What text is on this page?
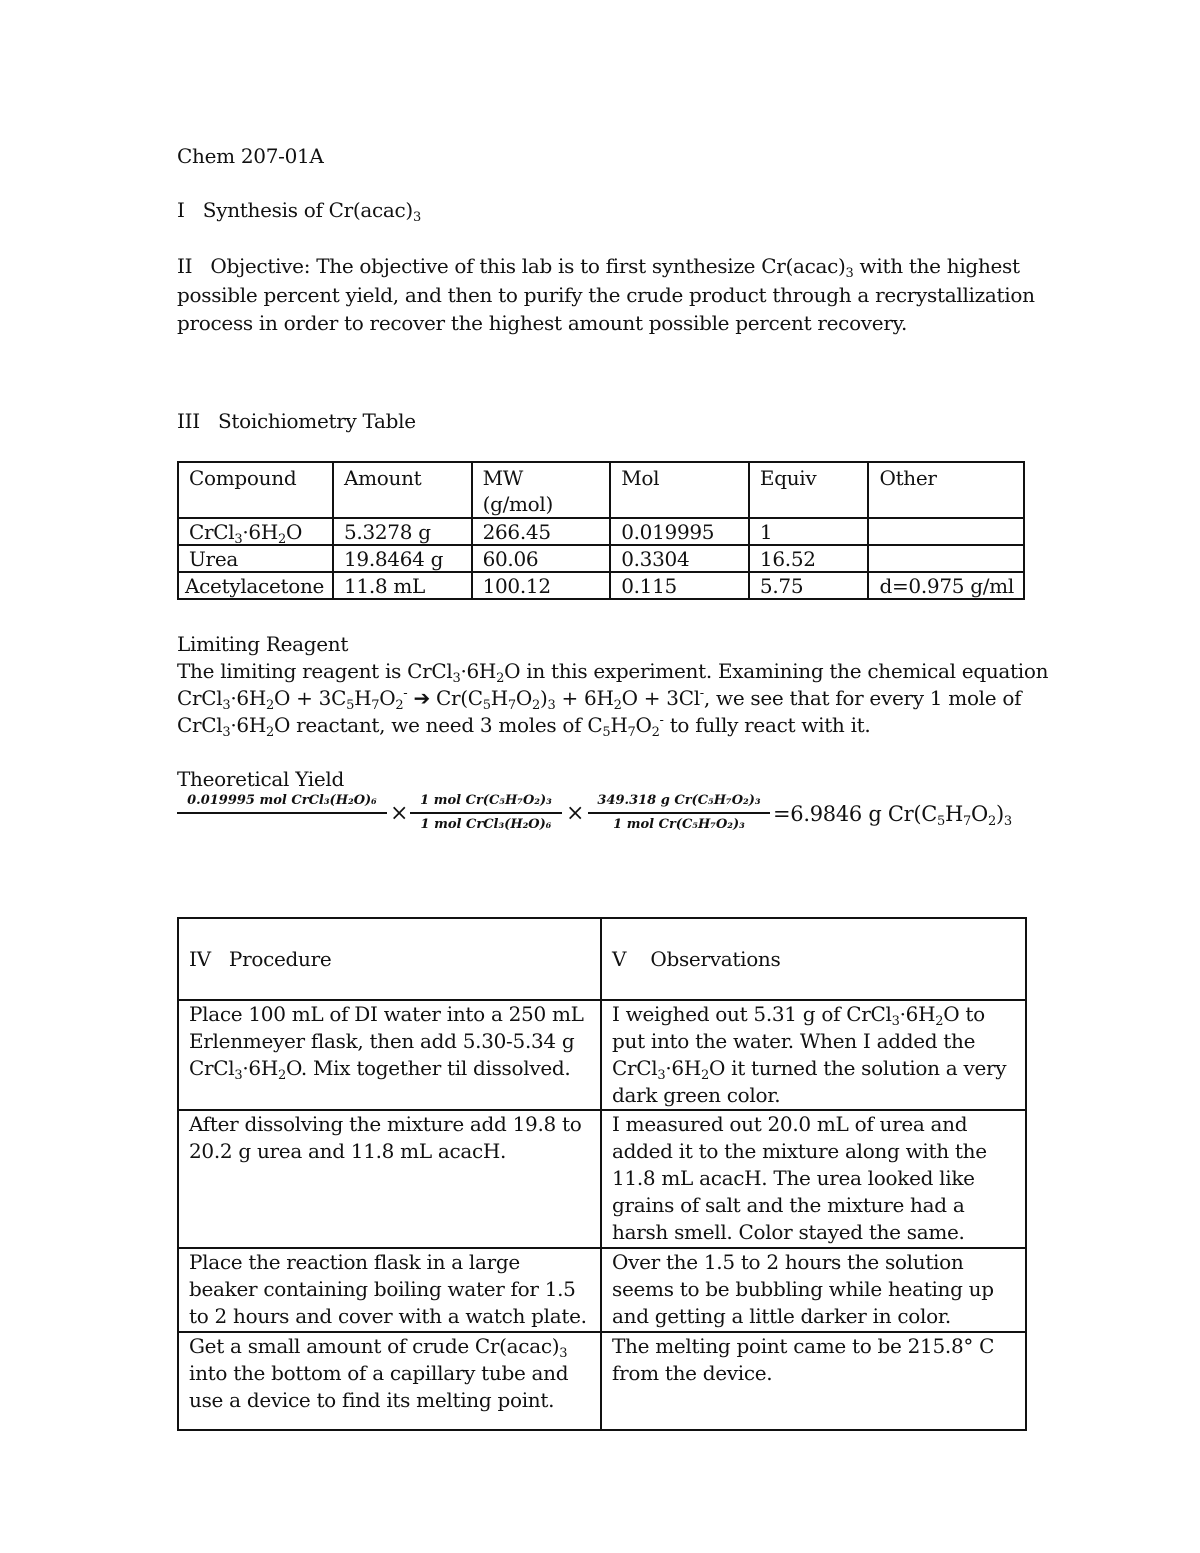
Chem 207-01A
I Synthesis of $Cr(acac)_3$
II Objective: The objective of this lab is to first synthesize $Cr(acac)_3$ with the highest
possible percent yield, and then to purify the crude product through a recrystallization
process in order to recover the highest amount possible percent recovery.
III Stoichiometry Table
Compound	Amount	MW (g/mol)	Mol	Equiv	Other
$CrCl_3\cdot 6H_2O$	5.3278 g	266.45	0.019995	1	
Urea	19.8464 g	60.06	0.3304	16.52	
Acetylacetone	11.8 mL	100.12	0.115	5.75	d=0.975 g/ml
Limiting Reagent
The limiting reagent is $CrCl_3\cdot 6H_2O$ in this experiment. Examining the chemical equation
$CrCl_3\cdot 6H_2O + 3C_5H_7O_2^-$ ➔ $Cr(C_5H_7O_2)_3 + 6H_2O + 3Cl^-$, we see that for every 1 mole of
$CrCl_3\cdot 6H_2O$ reactant, we need 3 moles of $C_5H_7O_2^-$ to fully react with it.
Theoretical Yield
0.019995 mol CrCl₃(H₂O)₆

×
1 mol Cr(C₅H₇O₂)₃
1 mol CrCl₃(H₂O)₆ ×
349.318 g Cr(C₅H₇O₂)₃
1 mol Cr(C₅H₇O₂)₃	=6.9846 g $Cr(C_5H_7O_2)_3$
IV   Procedure	V    Observations
Place 100 mL of DI water into a 250 mL Erlenmeyer flask, then add 5.30-5.34 g $CrCl_3\cdot 6H_2O$. Mix together til dissolved.	I weighed out 5.31 g of $CrCl_3\cdot 6H_2O$ to put into the water. When I added the $CrCl_3\cdot 6H_2O$ it turned the solution a very dark green color.
After dissolving the mixture add 19.8 to 20.2 g urea and 11.8 mL acacH.	I measured out 20.0 mL of urea and added it to the mixture along with the 11.8 mL acacH. The urea looked like grains of salt and the mixture had a harsh smell. Color stayed the same.
Place the reaction flask in a large beaker containing boiling water for 1.5 to 2 hours and cover with a watch plate.	Over the 1.5 to 2 hours the solution seems to be bubbling while heating up and getting a little darker in color.
Get a small amount of crude $Cr(acac)_3$ into the bottom of a capillary tube and use a device to find its melting point.	The melting point came to be 215.8° C from the device.
